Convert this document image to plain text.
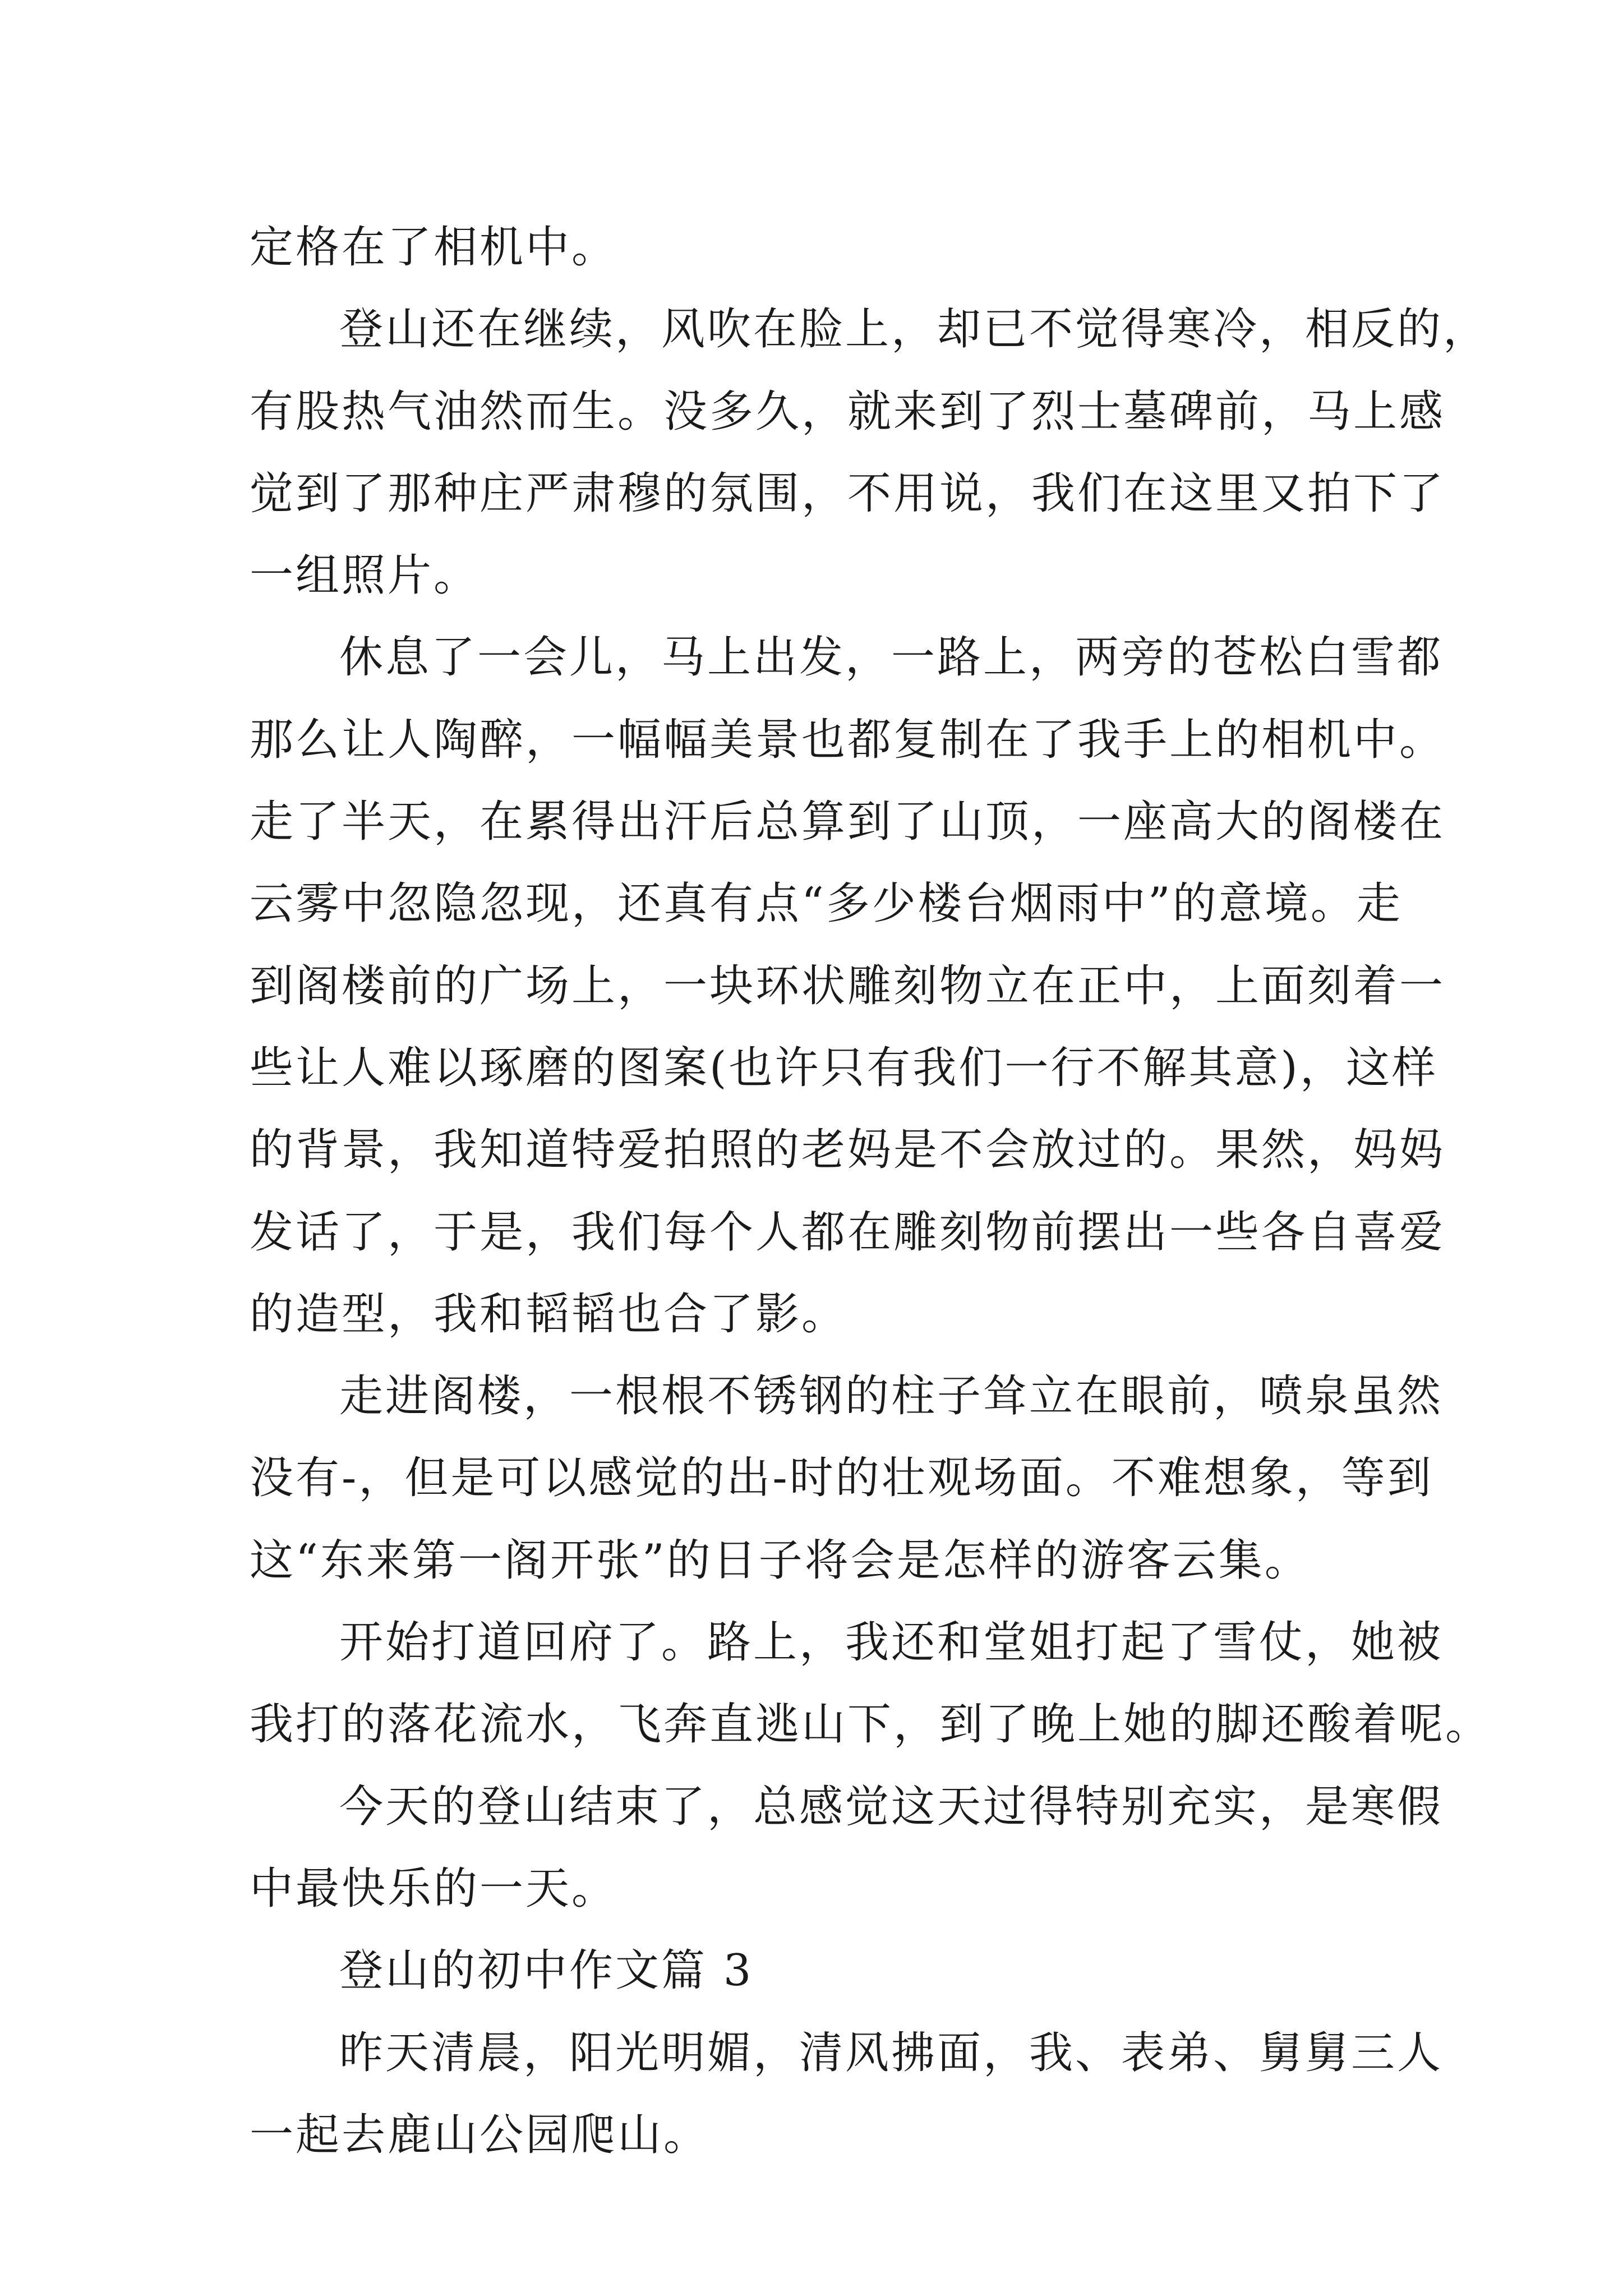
定格在了相机中。
登山还在继续，风吹在脸上，却已不觉得寒冷，相反的，
有股热气油然而生。没多久，就来到了烈士墓碑前，马上感
觉到了那种庄严肃穆的氛围，不用说，我们在这里又拍下了
一组照片。
休息了一会儿，马上出发，一路上，两旁的苍松白雪都
那么让人陶醉，一幅幅美景也都复制在了我手上的相机中。
走了半天，在累得出汗后总算到了山顶，一座高大的阁楼在
云雾中忽隐忽现，还真有点“多少楼台烟雨中”的意境。走
到阁楼前的广场上，一块环状雕刻物立在正中，上面刻着一
些让人难以琢磨的图案(也许只有我们一行不解其意)，这样
的背景，我知道特爱拍照的老妈是不会放过的。果然，妈妈
发话了，于是，我们每个人都在雕刻物前摆出一些各自喜爱
的造型，我和韬韬也合了影。
走进阁楼，一根根不锈钢的柱子耸立在眼前，喷泉虽然
没有-，但是可以感觉的出-时的壮观场面。不难想象，等到
这“东来第一阁开张”的日子将会是怎样的游客云集。
开始打道回府了。路上，我还和堂姐打起了雪仗，她被
我打的落花流水，飞奔直逃山下，到了晚上她的脚还酸着呢。
今天的登山结束了，总感觉这天过得特别充实，是寒假
中最快乐的一天。
登山的初中作文篇 3
昨天清晨，阳光明媚，清风拂面，我、表弟、舅舅三人
一起去鹿山公园爬山。
